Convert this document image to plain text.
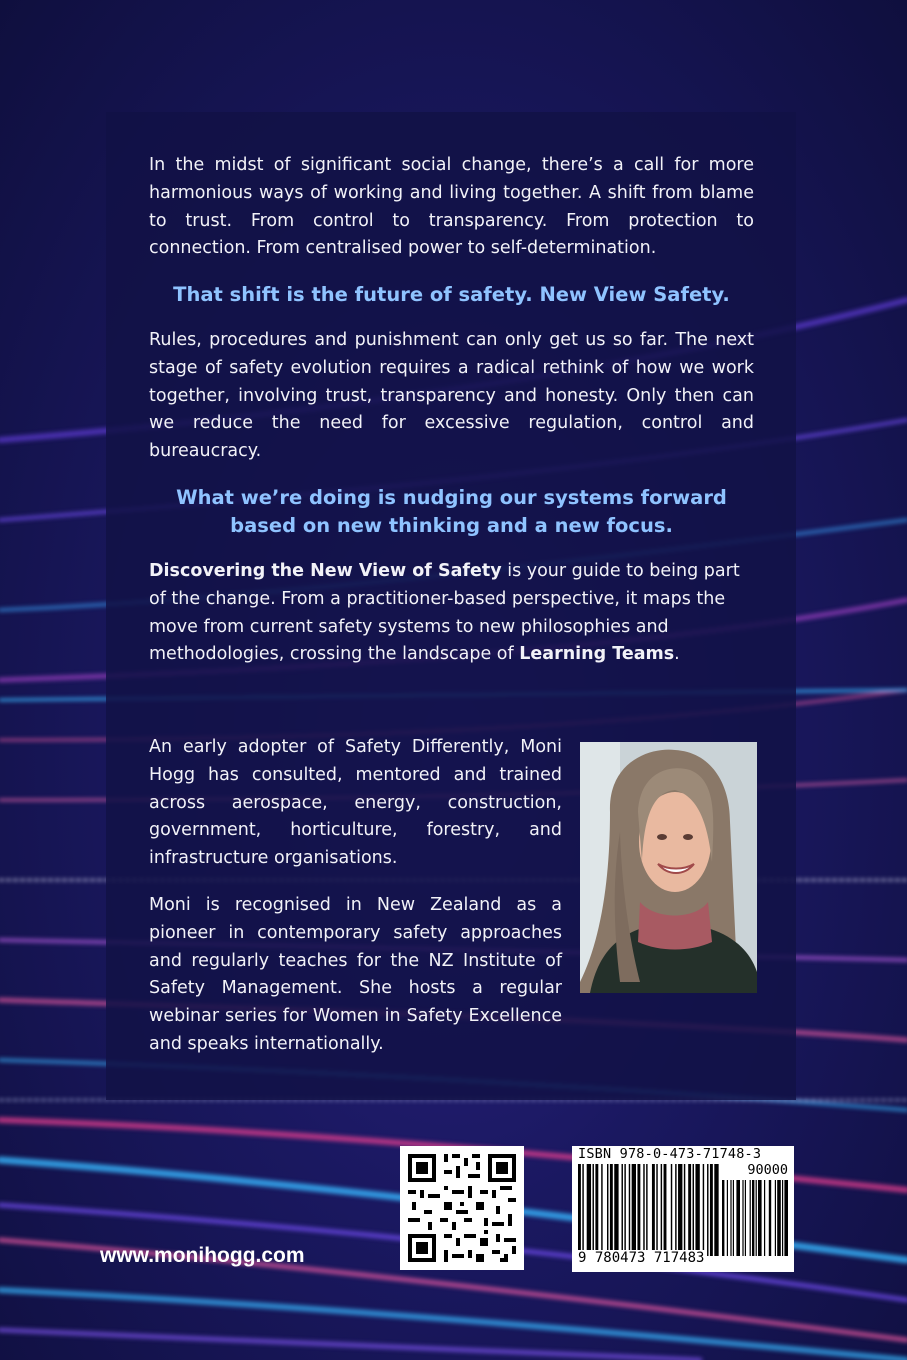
In the midst of significant social change, there’s a call for more harmonious ways of working and living together. A shift from blame to trust. From control to transparency. From protection to connection. From centralised power to self-determination.

That shift is the future of safety. New View Safety.

Rules, procedures and punishment can only get us so far. The next stage of safety evolution requires a radical rethink of how we work together, involving trust, transparency and honesty. Only then can we reduce the need for excessive regulation, control and bureaucracy.

What we’re doing is nudging our systems forward based on new thinking and a new focus.

Discovering the New View of Safety is your guide to being part of the change. From a practitioner-based perspective, it maps the move from current safety systems to new philosophies and methodologies, crossing the landscape of Learning Teams.

An early adopter of Safety Differently, Moni Hogg has consulted, mentored and trained across aerospace, energy, construction, government, horticulture, forestry, and infrastructure organisations.

Moni is recognised in New Zealand as a pioneer in contemporary safety approaches and regularly teaches for the NZ Institute of Safety Management. She hosts a regular webinar series for Women in Safety Excellence and speaks internationally.

www.monihogg.com

ISBN 978-0-473-71748-3

90000

9 780473 717483
